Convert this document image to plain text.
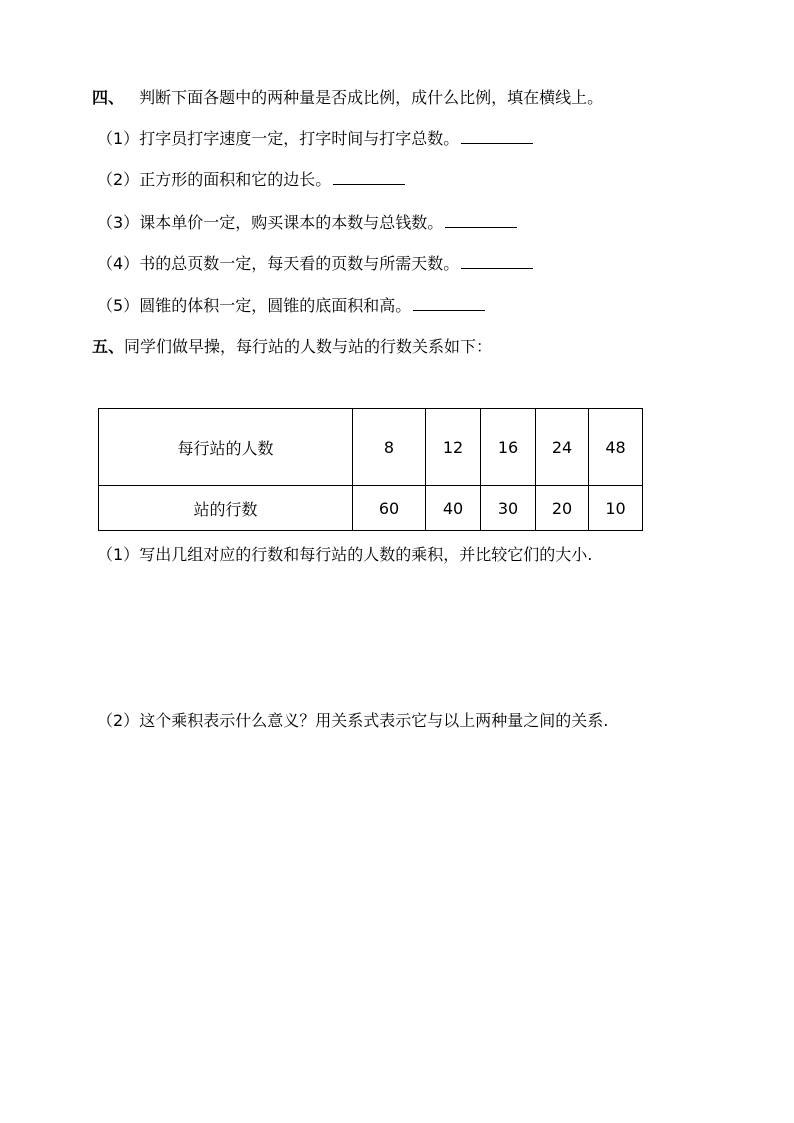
四、 判断下面各题中的两种量是否成比例，成什么比例，填在横线上。
（1）打字员打字速度一定，打字时间与打字总数。
（2）正方形的面积和它的边长。
（3）课本单价一定，购买课本的本数与总钱数。
（4）书的总页数一定，每天看的页数与所需天数。
（5）圆锥的体积一定，圆锥的底面积和高。
五、同学们做早操，每行站的人数与站的行数关系如下：
每行站的人数	8	12	16	24	48
站的行数	60	40	30	20	10
（1）写出几组对应的行数和每行站的人数的乘积，并比较它们的大小.
（2）这个乘积表示什么意义？用关系式表示它与以上两种量之间的关系.
